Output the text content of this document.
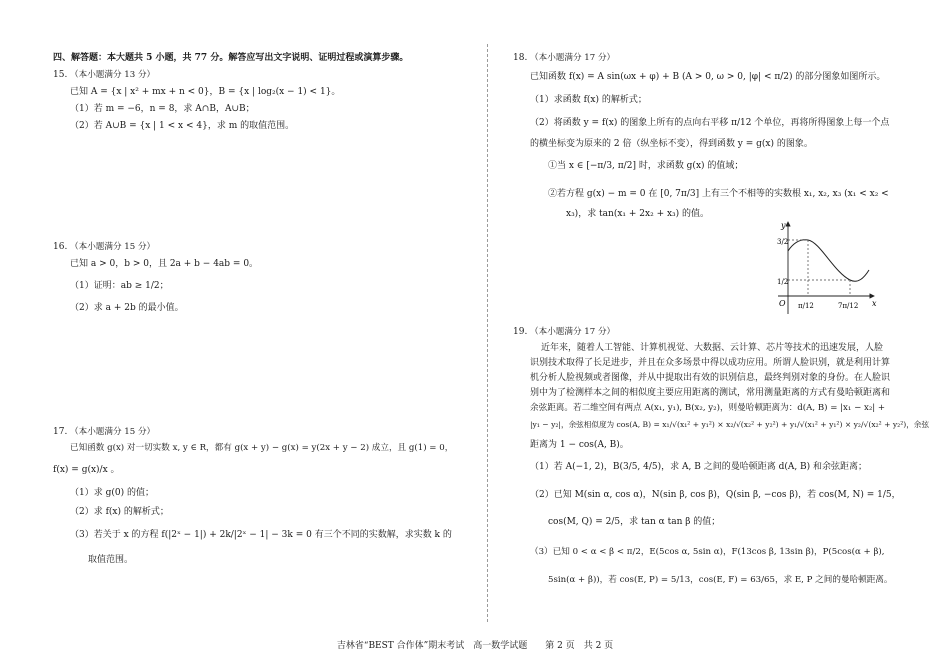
四、解答题：本大题共 5 小题，共 77 分。解答应写出文字说明、证明过程或演算步骤。
15. （本小题满分 13 分）
已知 A = {x | x² + mx + n < 0}，B = {x | log₂(x − 1) < 1}。
（1）若 m = −6，n = 8，求 A∩B，A∪B；
（2）若 A∪B = {x | 1 < x < 4}，求 m 的取值范围。
16. （本小题满分 15 分）
已知 a > 0，b > 0，且 2a + b − 4ab = 0。
（1）证明：ab ≥ 1/2；
（2）求 a + 2b 的最小值。
17. （本小题满分 15 分）
已知函数 g(x) 对一切实数 x, y ∈ R，都有 g(x + y) − g(x) = y(2x + y − 2) 成立，且 g(1) = 0，
f(x) = g(x)/x 。
（1）求 g(0) 的值；
（2）求 f(x) 的解析式；
（3）若关于 x 的方程 f(|2ˣ − 1|) + 2k/|2ˣ − 1| − 3k = 0 有三个不同的实数解，求实数 k 的
取值范围。
18. （本小题满分 17 分）
已知函数 f(x) = A sin(ωx + φ) + B (A > 0, ω > 0, |φ| < π/2) 的部分图象如图所示。
（1）求函数 f(x) 的解析式；
（2）将函数 y = f(x) 的图象上所有的点向右平移 π/12 个单位，再将所得图象上每一个点
的横坐标变为原来的 2 倍（纵坐标不变），得到函数 y = g(x) 的图象。
①当 x ∈ [−π/3, π/2] 时，求函数 g(x) 的值域；
②若方程 g(x) − m = 0 在 [0, 7π/3] 上有三个不相等的实数根 x₁, x₂, x₃ (x₁ < x₂ <
x₃)，求 tan(x₁ + 2x₂ + x₃) 的值。
y
x
O
3/2
1/2
π/12	7π/12
19. （本小题满分 17 分）
近年来，随着人工智能、计算机视觉、大数据、云计算、芯片等技术的迅速发展，人脸
识别技术取得了长足进步，并且在众多场景中得以成功应用。所谓人脸识别，就是利用计算
机分析人脸视频或者图像，并从中提取出有效的识别信息，最终判别对象的身份。在人脸识
别中为了检测样本之间的相似度主要应用距离的测试，常用测量距离的方式有曼哈顿距离和
余弦距离。若二维空间有两点 A(x₁, y₁), B(x₂, y₂)，则曼哈顿距离为：d(A, B) = |x₁ − x₂| +
|y₁ − y₂|，余弦相似度为 cos(A, B) = x₁/√(x₁² + y₁²) × x₂/√(x₂² + y₂²) + y₁/√(x₁² + y₁²) × y₂/√(x₂² + y₂²)，余弦
距离为 1 − cos(A, B)。
（1）若 A(−1, 2)，B(3/5, 4/5)，求 A, B 之间的曼哈顿距离 d(A, B) 和余弦距离；
（2）已知 M(sin α, cos α)，N(sin β, cos β)，Q(sin β, −cos β)，若 cos(M, N) = 1/5，
cos(M, Q) = 2/5，求 tan α tan β 的值；
（3）已知 0 < α < β < π/2，E(5cos α, 5sin α)，F(13cos β, 13sin β)，P(5cos(α + β),
5sin(α + β))，若 cos(E, P) = 5/13，cos(E, F) = 63/65，求 E, P 之间的曼哈顿距离。
吉林省“BEST 合作体”期末考试　高一数学试题　　第 2 页　共 2 页
